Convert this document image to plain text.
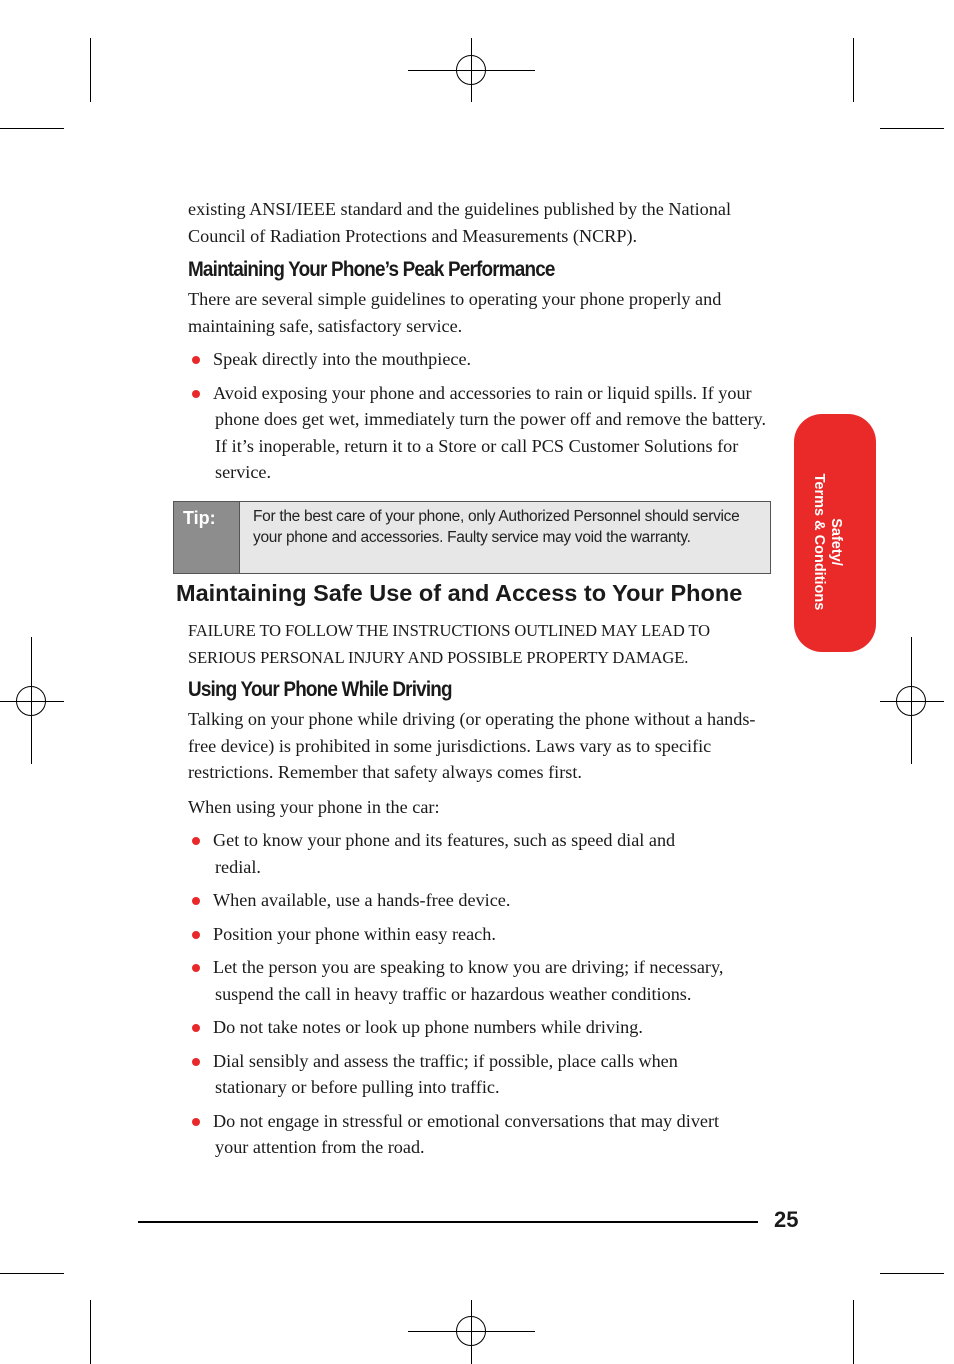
existing ANSI/IEEE standard and the guidelines published by the National Council of Radiation Protections and Measurements (NCRP).

Maintaining Your Phone’s Peak Performance

There are several simple guidelines to operating your phone properly and maintaining safe, satisfactory service.

Speak directly into the mouthpiece.
Avoid exposing your phone and accessories to rain or liquid spills. If your phone does get wet, immediately turn the power off and remove the battery. If it’s inoperable, return it to a Store or call PCS Customer Solutions for service.
Tip:	For the best care of your phone, only Authorized Personnel should service your phone and accessories. Faulty service may void the warranty.
Maintaining Safe Use of and Access to Your Phone

FAILURE TO FOLLOW THE INSTRUCTIONS OUTLINED MAY LEAD TO SERIOUS PERSONAL INJURY AND POSSIBLE PROPERTY DAMAGE.

Using Your Phone While Driving

Talking on your phone while driving (or operating the phone without a hands-free device) is prohibited in some jurisdictions. Laws vary as to specific restrictions. Remember that safety always comes first.

When using your phone in the car:

Get to know your phone and its features, such as speed dial and redial.
When available, use a hands-free device.
Position your phone within easy reach.
Let the person you are speaking to know you are driving; if necessary, suspend the call in heavy traffic or hazardous weather conditions.
Do not take notes or look up phone numbers while driving.
Dial sensibly and assess the traffic; if possible, place calls when stationary or before pulling into traffic.
Do not engage in stressful or emotional conversations that may divert your attention from the road.
Safety/
Terms & Conditions
25
